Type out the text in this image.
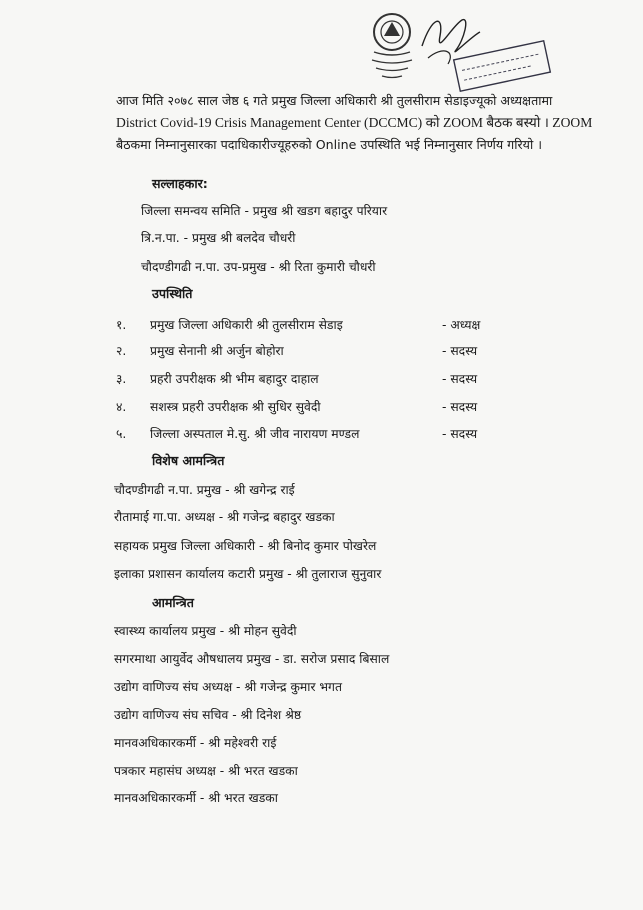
आज मिति २०७८ साल जेष्ठ ६ गते प्रमुख जिल्ला अधिकारी श्री तुलसीराम सेडाइज्यूको अध्यक्षतामा
District Covid-19 Crisis Management Center (DCCMC) को ZOOM बैठक बस्यो । ZOOM
बैठकमा निम्नानुसारका पदाधिकारीज्यूहरुको Online उपस्थिति भई निम्नानुसार निर्णय गरियो ।
सल्लाहकार:
जिल्ला समन्वय समिति - प्रमुख श्री खडग बहादुर परियार
त्रि.न.पा. - प्रमुख श्री बलदेव चौधरी
चौदण्डीगढी न.पा. उप-प्रमुख - श्री रिता कुमारी चौधरी
उपस्थिति
१. प्रमुख जिल्ला अधिकारी श्री तुलसीराम सेडाइ	- अध्यक्ष
२. प्रमुख सेनानी श्री अर्जुन बोहोरा	- सदस्य
३. प्रहरी उपरीक्षक श्री भीम बहादुर दाहाल	- सदस्य
४. सशस्त्र प्रहरी उपरीक्षक श्री सुधिर सुवेदी	- सदस्य
५. जिल्ला अस्पताल मे.सु. श्री जीव नारायण मण्डल	- सदस्य
विशेष आमन्त्रित
चौदण्डीगढी न.पा. प्रमुख - श्री खगेन्द्र राई
रौतामाई गा.पा. अध्यक्ष - श्री गजेन्द्र बहादुर खडका
सहायक प्रमुख जिल्ला अधिकारी - श्री बिनोद कुमार पोखरेल
इलाका प्रशासन कार्यालय कटारी प्रमुख - श्री तुलाराज सुनुवार
आमन्त्रित
स्वास्थ्य कार्यालय प्रमुख - श्री मोहन सुवेदी
सगरमाथा आयुर्वेद औषधालय प्रमुख - डा. सरोज प्रसाद बिसाल
उद्योग वाणिज्य संघ अध्यक्ष - श्री गजेन्द्र कुमार भगत
उद्योग वाणिज्य संघ सचिव - श्री दिनेश श्रेष्ठ
मानवअधिकारकर्मी - श्री महेश्वरी राई
पत्रकार महासंघ अध्यक्ष - श्री भरत खडका
मानवअधिकारकर्मी - श्री भरत खडका
